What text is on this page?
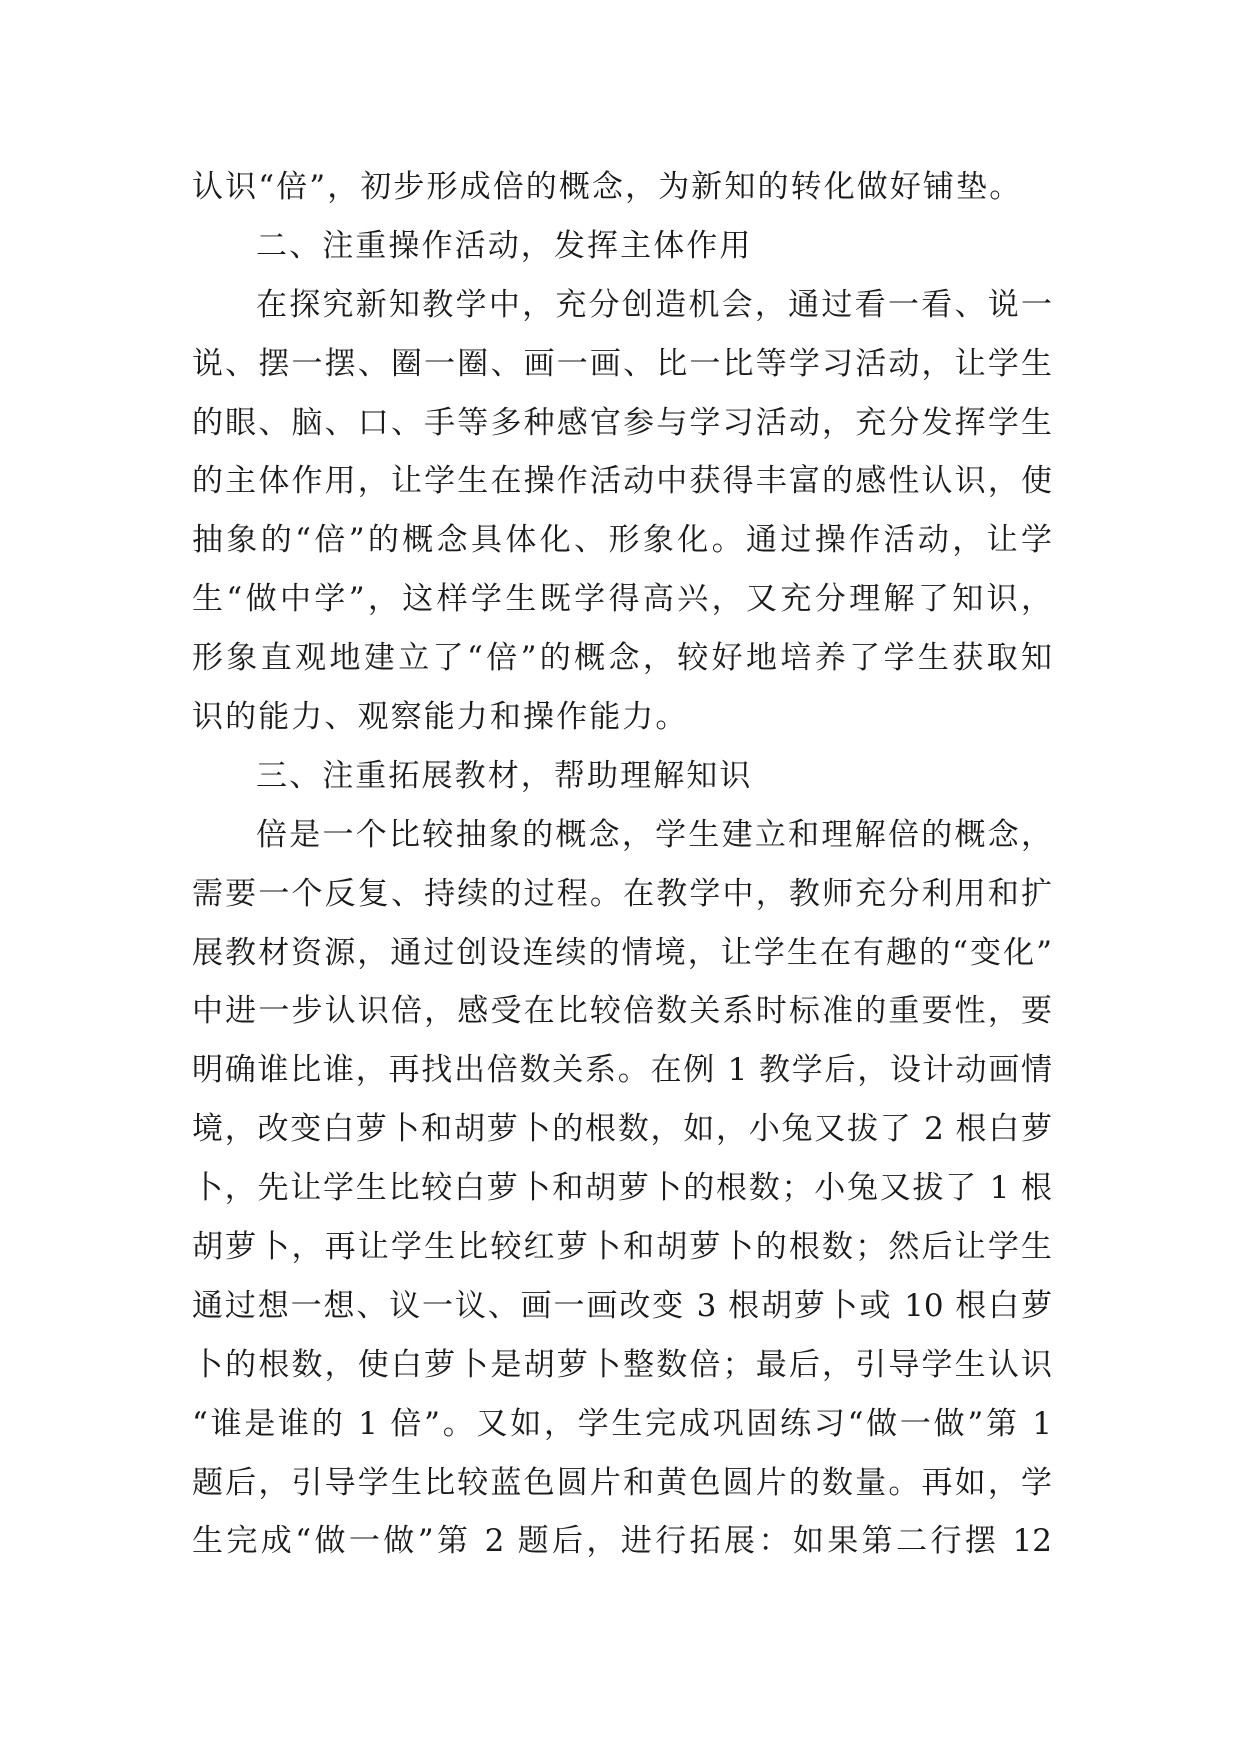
认识“倍”，初步形成倍的概念，为新知的转化做好铺垫。

二、注重操作活动，发挥主体作用

在探究新知教学中，充分创造机会，通过看一看、说一

说、摆一摆、圈一圈、画一画、比一比等学习活动，让学生

的眼、脑、口、手等多种感官参与学习活动，充分发挥学生

的主体作用，让学生在操作活动中获得丰富的感性认识，使

抽象的“倍”的概念具体化、形象化。通过操作活动，让学

生“做中学”，这样学生既学得高兴，又充分理解了知识，

形象直观地建立了“倍”的概念，较好地培养了学生获取知

识的能力、观察能力和操作能力。

三、注重拓展教材，帮助理解知识

倍是一个比较抽象的概念，学生建立和理解倍的概念，

需要一个反复、持续的过程。在教学中，教师充分利用和扩

展教材资源，通过创设连续的情境，让学生在有趣的“变化”

中进一步认识倍，感受在比较倍数关系时标准的重要性，要

明确谁比谁，再找出倍数关系。在例 1 教学后，设计动画情

境，改变白萝卜和胡萝卜的根数，如，小兔又拔了 2 根白萝

卜，先让学生比较白萝卜和胡萝卜的根数；小兔又拔了 1 根

胡萝卜，再让学生比较红萝卜和胡萝卜的根数；然后让学生

通过想一想、议一议、画一画改变 3 根胡萝卜或 10 根白萝

卜的根数，使白萝卜是胡萝卜整数倍；最后，引导学生认识

“谁是谁的 1 倍”。又如，学生完成巩固练习“做一做”第 1

题后，引导学生比较蓝色圆片和黄色圆片的数量。再如，学

生完成“做一做”第 2 题后，进行拓展：如果第二行摆 12
